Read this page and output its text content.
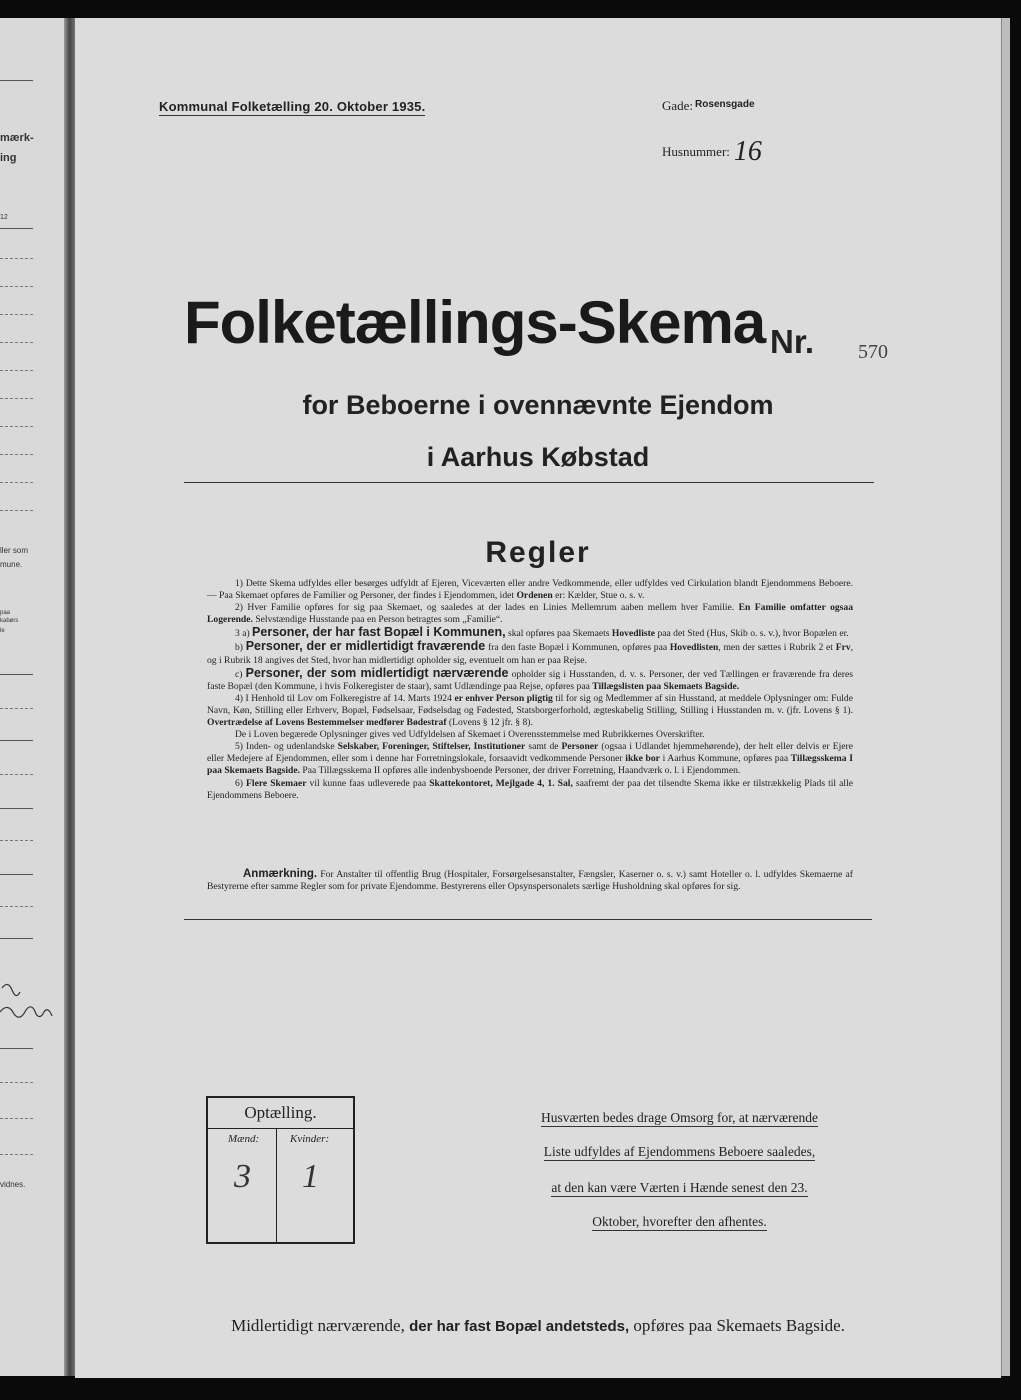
mærk-
ing
12
ller som
mune.
paa
kabørs
le
vidnes.
Kommunal Folketælling 20. Oktober 1935.	Gade: $^{Rosensgade}$
Husnummer: 16
Folketællings-Skema Nr. 570
for Beboerne i ovennævnte Ejendom
i Aarhus Købstad
Regler

1) Dette Skema udfyldes eller besørges udfyldt af Ejeren, Viceværten eller andre Vedkommende, eller udfyldes ved Cirkulation blandt Ejendommens Beboere. — Paa Skemaet opføres de Familier og Personer, der findes i Ejendommen, idet Ordenen er: Kælder, Stue o. s. v.

2) Hver Familie opføres for sig paa Skemaet, og saaledes at der lades en Linies Mellemrum aaben mellem hver Familie. En Familie omfatter ogsaa Logerende. Selvstændige Husstande paa en Person betragtes som „Familie“.

3 a) Personer, der har fast Bopæl i Kommunen, skal opføres paa Skemaets Hovedliste paa det Sted (Hus, Skib o. s. v.), hvor Bopælen er.

b) Personer, der er midlertidigt fraværende fra den faste Bopæl i Kommunen, opføres paa Hovedlisten, men der sættes i Rubrik 2 et Frv, og i Rubrik 18 angives det Sted, hvor han midlertidigt opholder sig, eventuelt om han er paa Rejse.

c) Personer, der som midlertidigt nærværende opholder sig i Husstanden, d. v. s. Personer, der ved Tællingen er fraværende fra deres faste Bopæl (den Kommune, i hvis Folkeregister de staar), samt Udlændinge paa Rejse, opføres paa Tillægslisten paa Skemaets Bagside.

4) I Henhold til Lov om Folkeregistre af 14. Marts 1924 er enhver Person pligtig til for sig og Medlemmer af sin Husstand, at meddele Oplysninger om: Fulde Navn, Køn, Stilling eller Erhverv, Bopæl, Fødselsaar, Fødselsdag og Fødested, Statsborgerforhold, ægteskabelig Stilling, Stilling i Husstanden m. v. (jfr. Lovens § 1). Overtrædelse af Lovens Bestemmelser medfører Bødestraf (Lovens § 12 jfr. § 8).

De i Loven begærede Oplysninger gives ved Udfyldelsen af Skemaet i Overensstemmelse med Rubrikkernes Overskrifter.

5) Inden- og udenlandske Selskaber, Foreninger, Stiftelser, Institutioner samt de Personer (ogsaa i Udlandet hjemmehørende), der helt eller delvis er Ejere eller Medejere af Ejendommen, eller som i denne har Forretningslokale, forsaavidt vedkommende Personer ikke bor i Aarhus Kommune, opføres paa Tillægsskema I paa Skemaets Bagside. Paa Tillægsskema II opføres alle indenbysboende Personer, der driver Forretning, Haandværk o. l. i Ejendommen.

6) Flere Skemaer vil kunne faas udleverede paa Skattekontoret, Mejlgade 4, 1. Sal, saafremt der paa det tilsendte Skema ikke er tilstrækkelig Plads til alle Ejendommens Beboere.

Anmærkning. For Anstalter til offentlig Brug (Hospitaler, Forsørgelsesanstalter, Fængsler, Kaserner o. s. v.) samt Hoteller o. l. udfyldes Skemaerne af Bestyrerne efter samme Regler som for private Ejendomme. Bestyrerens eller Opsynspersonalets særlige Husholdning skal opføres for sig.
Optælling.
Mænd:	Kvinder:
3 1
Husværten bedes drage Omsorg for, at nærværende
Liste udfyldes af Ejendommens Beboere saaledes,
at den kan være Værten i Hænde senest den 23.
Oktober, hvorefter den afhentes.
Midlertidigt nærværende, der har fast Bopæl andetsteds, opføres paa Skemaets Bagside.
